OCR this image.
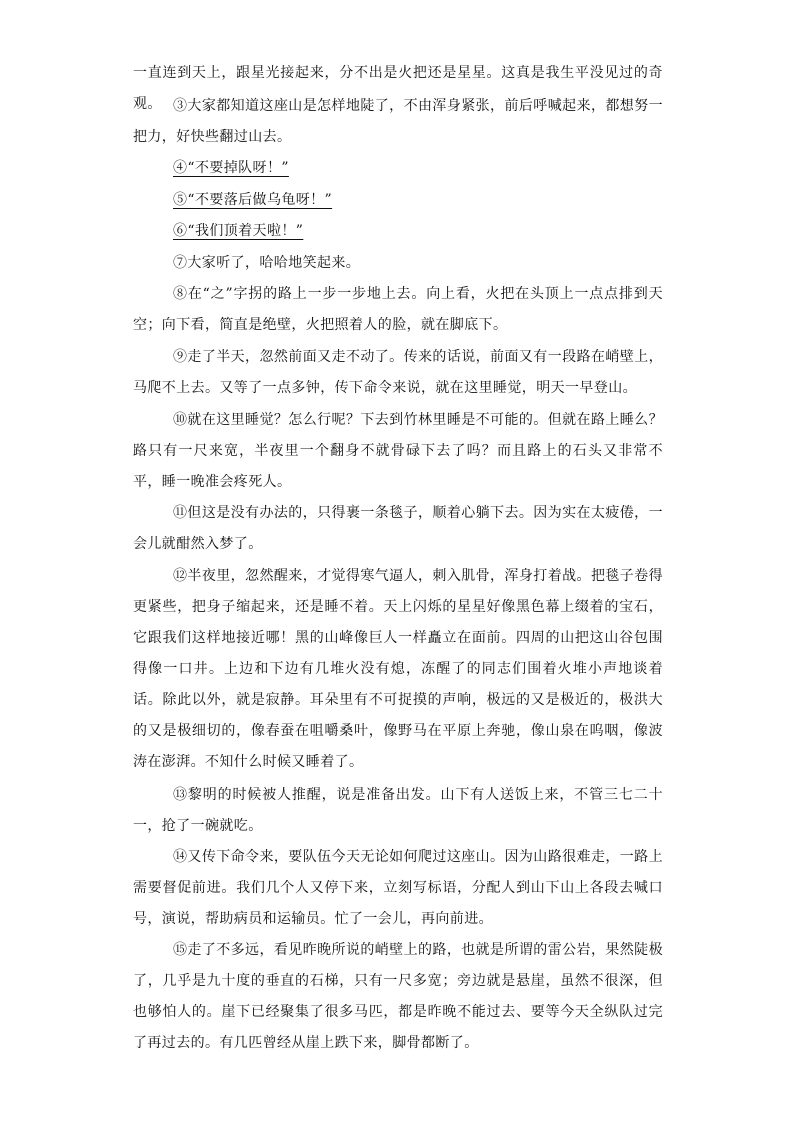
一直连到天上，跟星光接起来，分不出是火把还是星星。这真是我生平没见过的奇观。 ③大家都知道这座山是怎样地陡了，不由浑身紧张，前后呼喊起来，都想努一把力，好快些翻过山去。

④“不要掉队呀！”

⑤“不要落后做乌龟呀！”

⑥“我们顶着天啦！”

⑦大家听了，哈哈地笑起来。

⑧在“之”字拐的路上一步一步地上去。向上看，火把在头顶上一点点排到天空；向下看，简直是绝壁，火把照着人的脸，就在脚底下。

⑨走了半天，忽然前面又走不动了。传来的话说，前面又有一段路在峭壁上，马爬不上去。又等了一点多钟，传下命令来说，就在这里睡觉，明天一早登山。

⑩就在这里睡觉？怎么行呢？下去到竹林里睡是不可能的。但就在路上睡么？路只有一尺来宽，半夜里一个翻身不就骨碌下去了吗？而且路上的石头又非常不平，睡一晚准会疼死人。

⑪但这是没有办法的，只得裹一条毯子，顺着心躺下去。因为实在太疲倦，一会儿就酣然入梦了。

⑫半夜里，忽然醒来，才觉得寒气逼人，刺入肌骨，浑身打着战。把毯子卷得更紧些，把身子缩起来，还是睡不着。天上闪烁的星星好像黑色幕上缀着的宝石，它跟我们这样地接近哪！黑的山峰像巨人一样矗立在面前。四周的山把这山谷包围得像一口井。上边和下边有几堆火没有熄，冻醒了的同志们围着火堆小声地谈着话。除此以外，就是寂静。耳朵里有不可捉摸的声响，极远的又是极近的，极洪大的又是极细切的，像春蚕在咀嚼桑叶，像野马在平原上奔驰，像山泉在呜咽，像波涛在澎湃。不知什么时候又睡着了。

⑬黎明的时候被人推醒，说是准备出发。山下有人送饭上来，不管三七二十一，抢了一碗就吃。

⑭又传下命令来，要队伍今天无论如何爬过这座山。因为山路很难走，一路上需要督促前进。我们几个人又停下来，立刻写标语，分配人到山下山上各段去喊口号，演说，帮助病员和运输员。忙了一会儿，再向前进。

⑮走了不多远，看见昨晚所说的峭壁上的路，也就是所谓的雷公岩，果然陡极了，几乎是九十度的垂直的石梯，只有一尺多宽；旁边就是悬崖，虽然不很深，但也够怕人的。崖下已经聚集了很多马匹，都是昨晚不能过去、要等今天全纵队过完了再过去的。有几匹曾经从崖上跌下来，脚骨都断了。
